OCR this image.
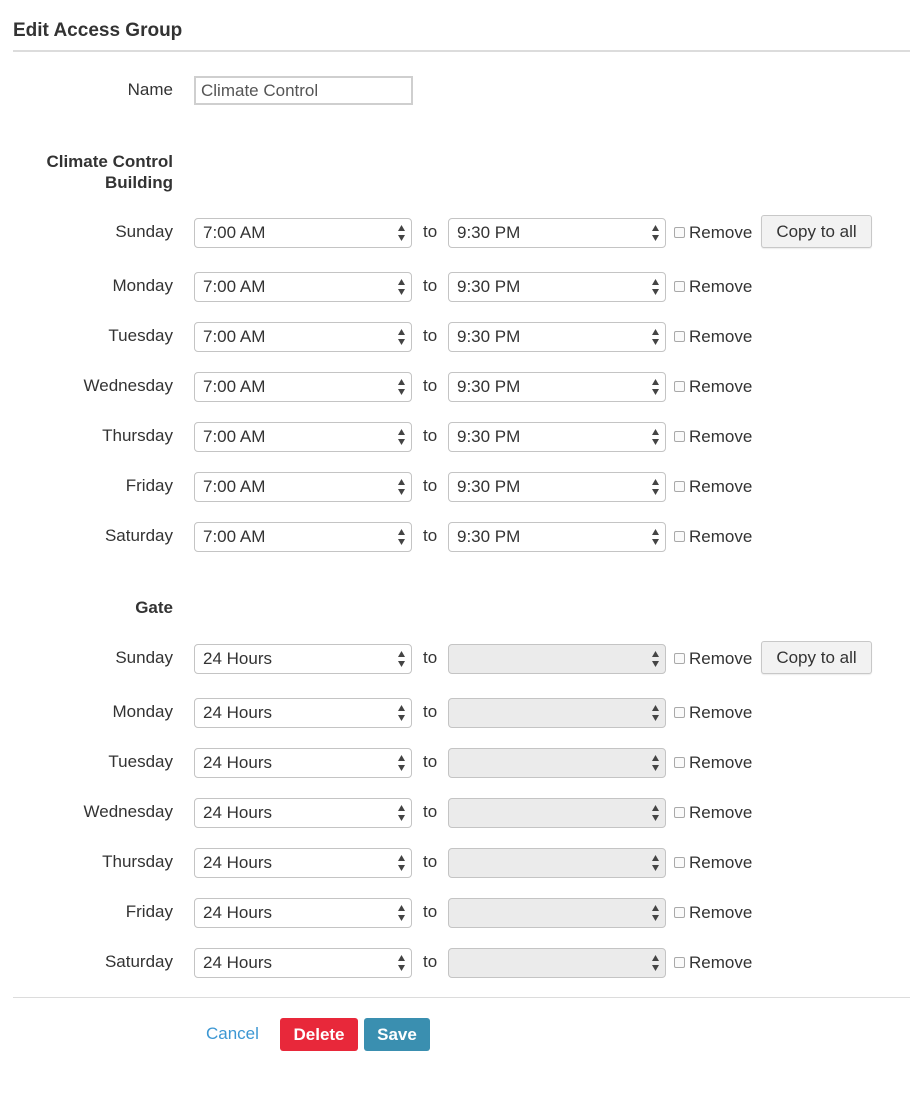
Edit Access Group
Name
Climate Control
Climate Control Building
Sunday 7:00 AM	to 9:30 PM	Remove	Copy to all
Monday 7:00 AM	to 9:30 PM	Remove
Tuesday 7:00 AM	to 9:30 PM	Remove
Wednesday 7:00 AM	to 9:30 PM	Remove
Thursday 7:00 AM	to 9:30 PM	Remove
Friday 7:00 AM	to 9:30 PM	Remove
Saturday 7:00 AM	to 9:30 PM	Remove
Gate
Sunday 24 Hours	to	Remove	Copy to all
Monday 24 Hours	to	Remove
Tuesday 24 Hours	to	Remove
Wednesday 24 Hours	to	Remove
Thursday 24 Hours	to	Remove
Friday 24 Hours	to	Remove
Saturday 24 Hours	to	Remove
Cancel	Delete	Save
